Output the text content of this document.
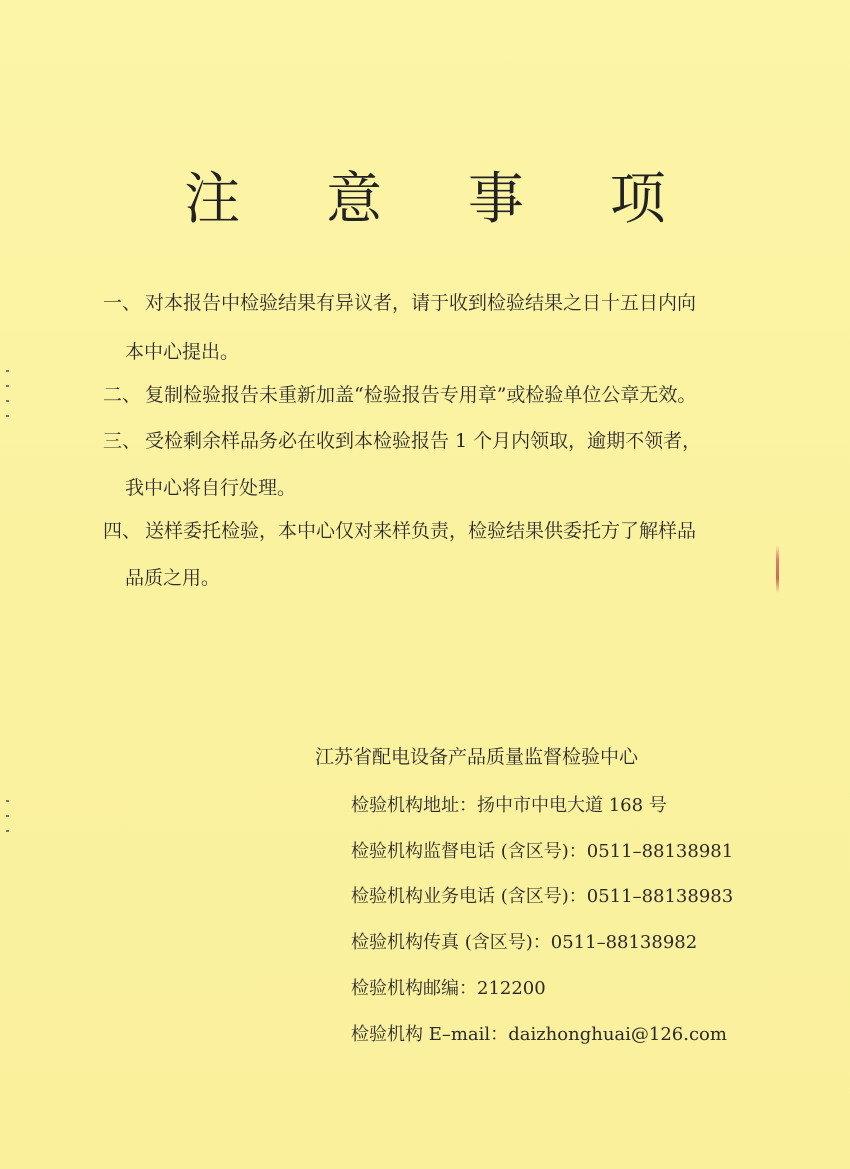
注 意 事 项
一、 对本报告中检验结果有异议者，请于收到检验结果之日十五日内向
本中心提出。
二、 复制检验报告未重新加盖“检验报告专用章”或检验单位公章无效。
三、 受检剩余样品务必在收到本检验报告 1 个月内领取，逾期不领者，
我中心将自行处理。
四、 送样委托检验，本中心仅对来样负责，检验结果供委托方了解样品
品质之用。
江苏省配电设备产品质量监督检验中心
检验机构地址：扬中市中电大道 168 号
检验机构监督电话 (含区号)：0511–88138981
检验机构业务电话 (含区号)：0511–88138983
检验机构传真 (含区号)：0511–88138982
检验机构邮编：212200
检验机构 E–mail：daizhonghuai@126.com
